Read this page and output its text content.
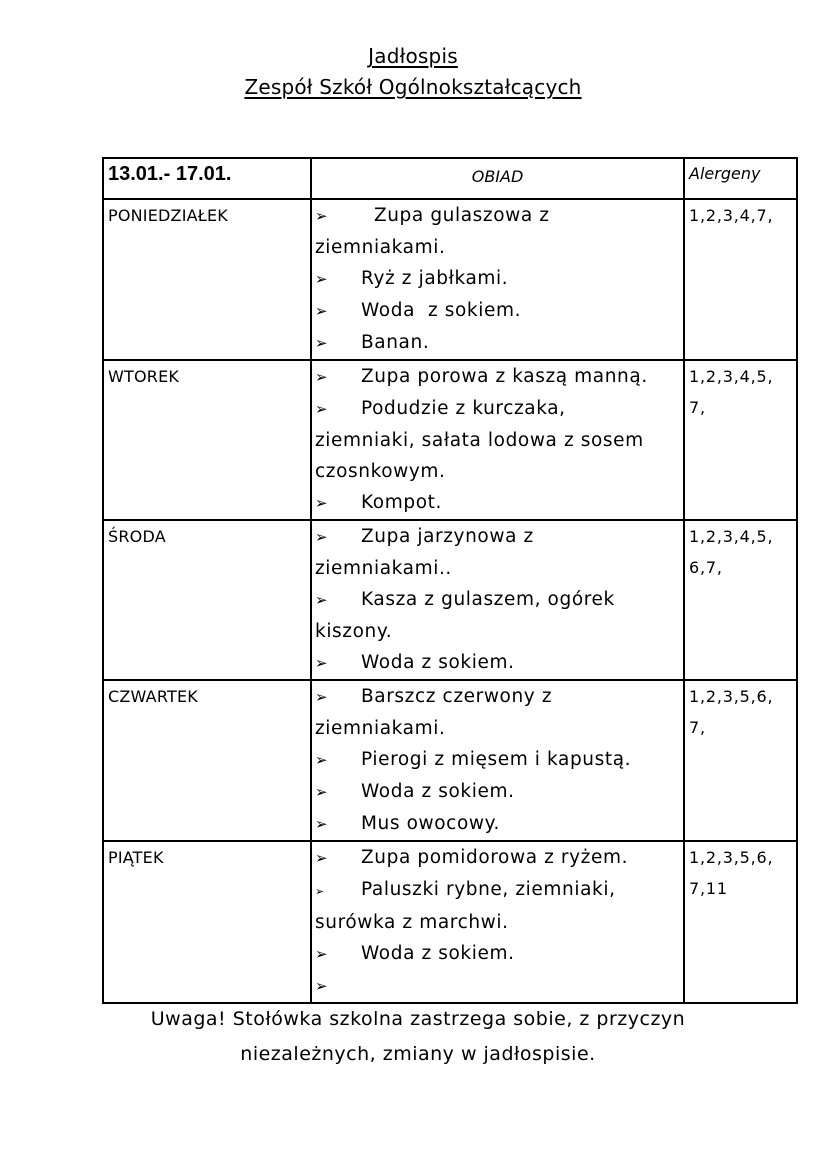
Jadłospis
Zespół Szkół Ogólnokształcących
13.01.- 17.01.	OBIAD	Alergeny
PONIEDZIAŁEK	➢  Zupa gulaszowa z
ziemniakami.
➢ Ryż z jabłkami.
➢ Woda  z sokiem.
➢ Banan.	1,2,3,4,7,
WTOREK	➢ Zupa porowa z kaszą manną.
➢ Podudzie z kurczaka,
ziemniaki, sałata lodowa z sosem
czosnkowym.
➢ Kompot.	1,2,3,4,5,
7,

ŚRODA	➢ Zupa jarzynowa z
ziemniakami..
➢ Kasza z gulaszem, ogórek
kiszony.
➢ Woda z sokiem.	1,2,3,4,5,
6,7,

CZWARTEK	➢ Barszcz czerwony z
ziemniakami.
➢ Pierogi z mięsem i kapustą.
➢ Woda z sokiem.
➢ Mus owocowy.	1,2,3,5,6,
7,

PIĄTEK	➢ Zupa pomidorowa z ryżem.
➢ Paluszki rybne, ziemniaki,
surówka z marchwi.
➢ Woda z sokiem.
➢	1,2,3,5,6,
7,11
Uwaga! Stołówka szkolna zastrzega sobie, z przyczyn
niezależnych, zmiany w jadłospisie.
